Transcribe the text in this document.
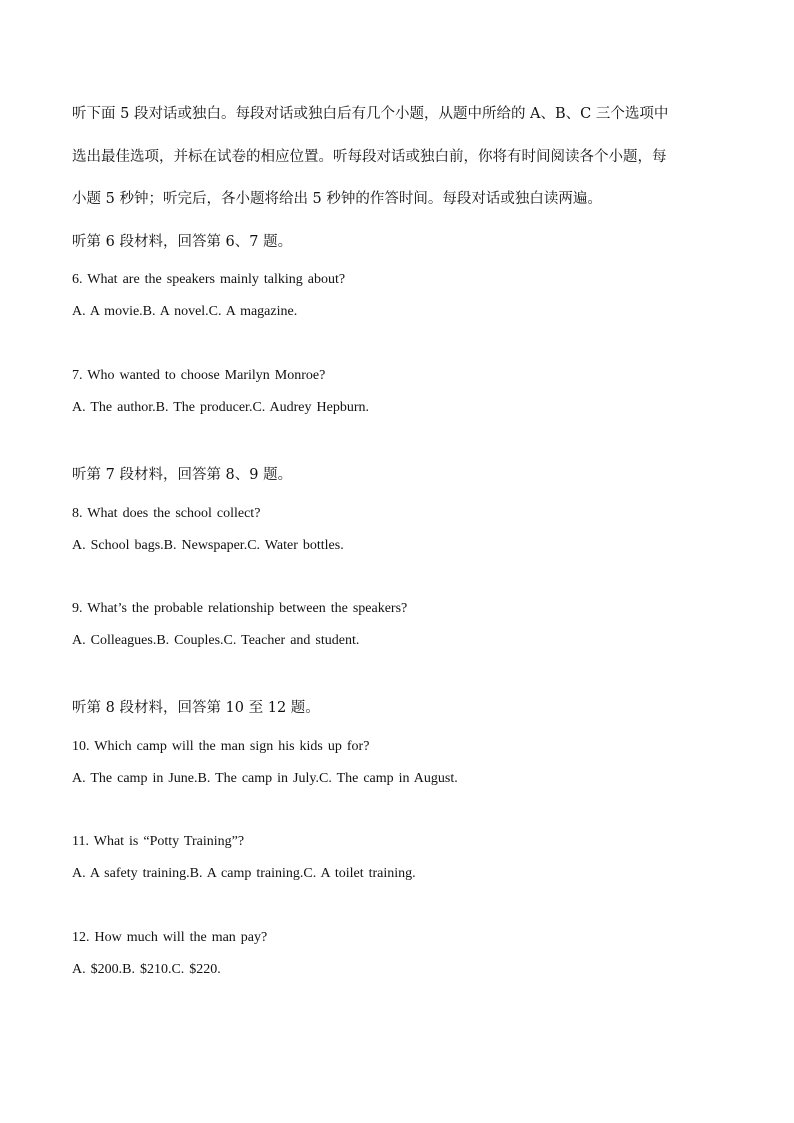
听下面 5 段对话或独白。每段对话或独白后有几个小题，从题中所给的 A、B、C 三个选项中
选出最佳选项，并标在试卷的相应位置。听每段对话或独白前，你将有时间阅读各个小题，每
小题 5 秒钟；听完后，各小题将给出 5 秒钟的作答时间。每段对话或独白读两遍。
听第 6 段材料，回答第 6、7 题。
6. What are the speakers mainly talking about?
A. A movie.B. A novel.C. A magazine.
7. Who wanted to choose Marilyn Monroe?
A. The author.B. The producer.C. Audrey Hepburn.
听第 7 段材料，回答第 8、9 题。
8. What does the school collect?
A. School bags.B. Newspaper.C. Water bottles.
9. What’s the probable relationship between the speakers?
A. Colleagues.B. Couples.C. Teacher and student.
听第 8 段材料，回答第 10 至 12 题。
10. Which camp will the man sign his kids up for?
A. The camp in June.B. The camp in July.C. The camp in August.
11. What is “Potty Training”?
A. A safety training.B. A camp training.C. A toilet training.
12. How much will the man pay?
A. $200.B. $210.C. $220.
